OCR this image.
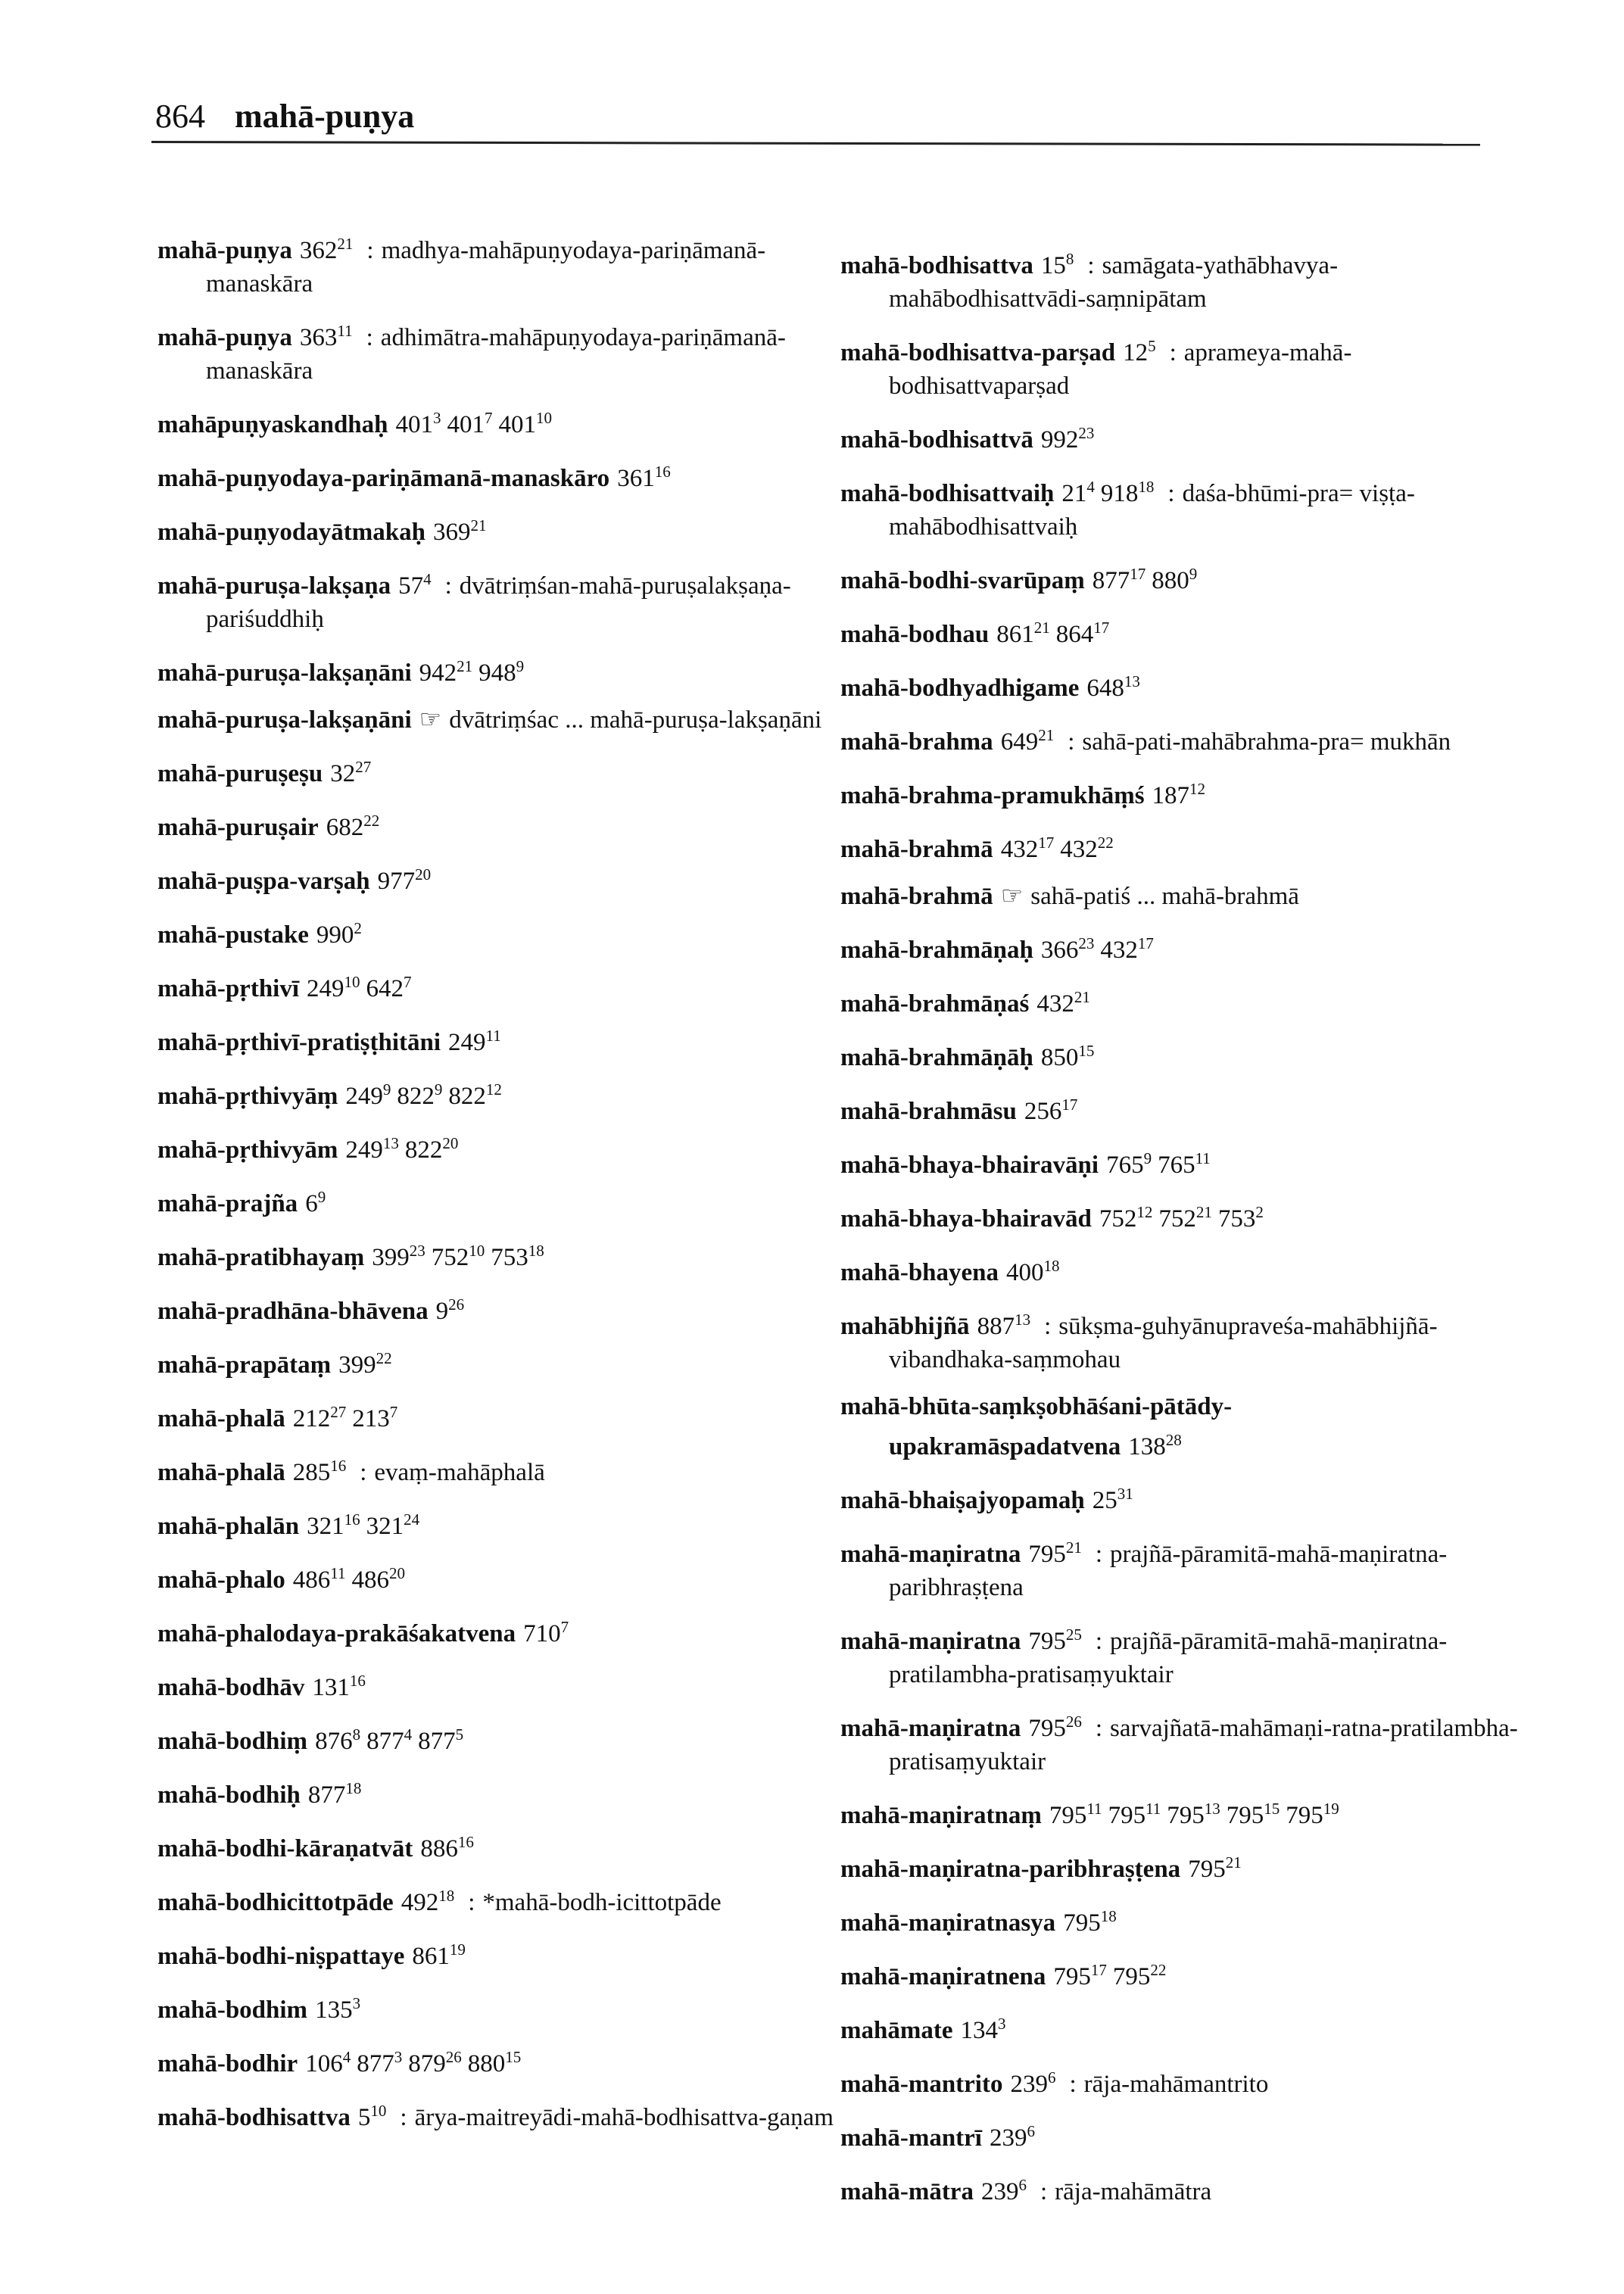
864 mahā-puṇya

mahā-puṇya $362^{21}$ : madhya-mahāpuṇyodaya-pariṇāmanā-manaskāra

mahā-puṇya $363^{11}$ : adhimātra-mahāpuṇyodaya-pariṇāmanā-manaskāra

mahāpuṇyaskandhaḥ $401^3$ $401^7$ $401^{10}$

mahā-puṇyodaya-pariṇāmanā-manaskāro $361^{16}$

mahā-puṇyodayātmakaḥ $369^{21}$

mahā-puruṣa-lakṣaṇa $57^4$ : dvātriṃśan-mahā-puruṣalakṣaṇa-pariśuddhiḥ

mahā-puruṣa-lakṣaṇāni $942^{21}$ $948^9$

mahā-puruṣa-lakṣaṇāni ☞ dvātriṃśac ... mahā-puruṣa-lakṣaṇāni

mahā-puruṣeṣu $32^{27}$

mahā-puruṣair $682^{22}$

mahā-puṣpa-varṣaḥ $977^{20}$

mahā-pustake $990^2$

mahā-pṛthivī $249^{10}$ $642^7$

mahā-pṛthivī-pratiṣṭhitāni $249^{11}$

mahā-pṛthivyāṃ $249^9$ $822^9$ $822^{12}$

mahā-pṛthivyām $249^{13}$ $822^{20}$

mahā-prajña $6^9$

mahā-pratibhayaṃ $399^{23}$ $752^{10}$ $753^{18}$

mahā-pradhāna-bhāvena $9^{26}$

mahā-prapātaṃ $399^{22}$

mahā-phalā $212^{27}$ $213^7$

mahā-phalā $285^{16}$ : evaṃ-mahāphalā

mahā-phalān $321^{16}$ $321^{24}$

mahā-phalo $486^{11}$ $486^{20}$

mahā-phalodaya-prakāśakatvena $710^7$

mahā-bodhāv $131^{16}$

mahā-bodhiṃ $876^8$ $877^4$ $877^5$

mahā-bodhiḥ $877^{18}$

mahā-bodhi-kāraṇatvāt $886^{16}$

mahā-bodhicittotpāde $492^{18}$ : *mahā-bodh-icittotpāde

mahā-bodhi-niṣpattaye $861^{19}$

mahā-bodhim $135^3$

mahā-bodhir $106^4$ $877^3$ $879^{26}$ $880^{15}$

mahā-bodhisattva $5^{10}$ : ārya-maitreyādi-mahā-bodhisattva-gaṇam

mahā-bodhisattva $15^8$ : samāgata-yathābhavya-mahābodhisattvādi-saṃnipātam

mahā-bodhisattva-parṣad $12^5$ : aprameya-mahā-bodhisattvaparṣad

mahā-bodhisattvā $992^{23}$

mahā-bodhisattvaiḥ $21^4$ $918^{18}$ : daśa-bhūmi-pra= viṣṭa-mahābodhisattvaiḥ

mahā-bodhi-svarūpaṃ $877^{17}$ $880^9$

mahā-bodhau $861^{21}$ $864^{17}$

mahā-bodhyadhigame $648^{13}$

mahā-brahma $649^{21}$ : sahā-pati-mahābrahma-pra= mukhān

mahā-brahma-pramukhāṃś $187^{12}$

mahā-brahmā $432^{17}$ $432^{22}$

mahā-brahmā ☞ sahā-patiś ... mahā-brahmā

mahā-brahmāṇaḥ $366^{23}$ $432^{17}$

mahā-brahmāṇaś $432^{21}$

mahā-brahmāṇāḥ $850^{15}$

mahā-brahmāsu $256^{17}$

mahā-bhaya-bhairavāṇi $765^9$ $765^{11}$

mahā-bhaya-bhairavād $752^{12}$ $752^{21}$ $753^2$

mahā-bhayena $400^{18}$

mahābhijñā $887^{13}$ : sūkṣma-guhyānupraveśa-mahābhijñā-vibandhaka-saṃmohau

mahā-bhūta-saṃkṣobhāśani-pātādy-upakramāspadatvena $138^{28}$

mahā-bhaiṣajyopamaḥ $25^{31}$

mahā-maṇiratna $795^{21}$ : prajñā-pāramitā-mahā-maṇiratna-paribhraṣṭena

mahā-maṇiratna $795^{25}$ : prajñā-pāramitā-mahā-maṇiratna-pratilambha-pratisaṃyuktair

mahā-maṇiratna $795^{26}$ : sarvajñatā-mahāmaṇi-ratna-pratilambha-pratisaṃyuktair

mahā-maṇiratnaṃ $795^{11}$ $795^{11}$ $795^{13}$ $795^{15}$ $795^{19}$

mahā-maṇiratna-paribhraṣṭena $795^{21}$

mahā-maṇiratnasya $795^{18}$

mahā-maṇiratnena $795^{17}$ $795^{22}$

mahāmate $134^3$

mahā-mantrito $239^6$ : rāja-mahāmantrito

mahā-mantrī $239^6$

mahā-mātra $239^6$ : rāja-mahāmātra
